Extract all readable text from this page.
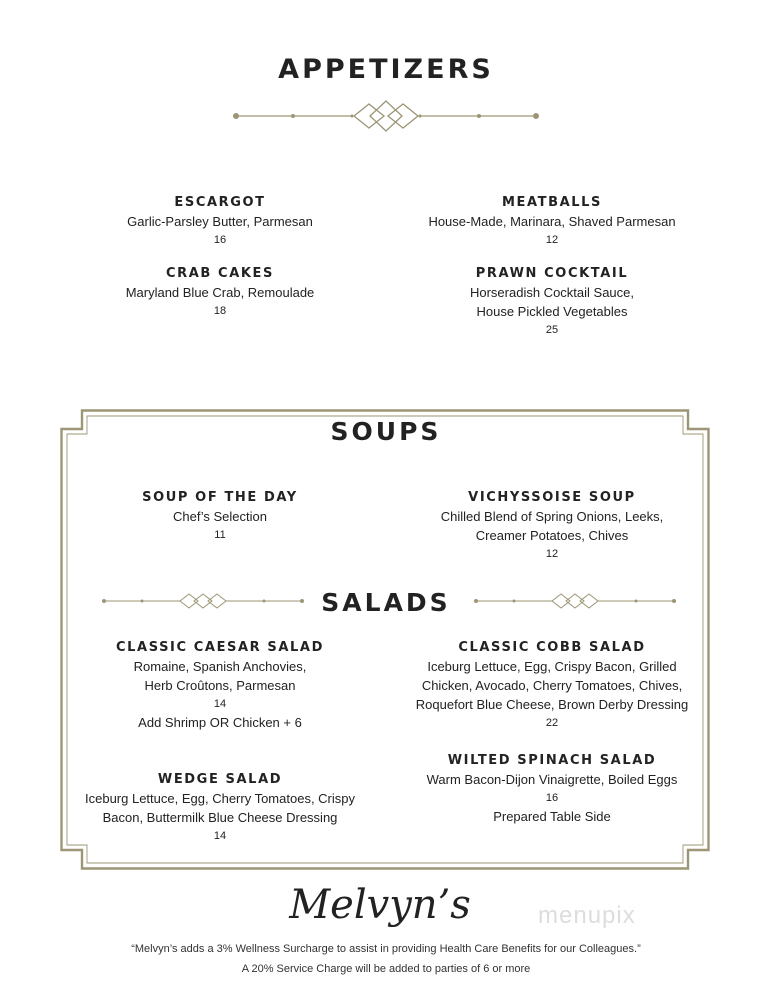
APPETIZERS
ESCARGOT
Garlic-Parsley Butter, Parmesan
16
MEATBALLS
House-Made, Marinara, Shaved Parmesan
12
CRAB CAKES
Maryland Blue Crab, Remoulade
18
PRAWN COCKTAIL
Horseradish Cocktail Sauce,
House Pickled Vegetables
25
SOUPS
SOUP OF THE DAY
Chef’s Selection
11
VICHYSSOISE SOUP
Chilled Blend of Spring Onions, Leeks,
Creamer Potatoes, Chives
12
SALADS
CLASSIC CAESAR SALAD
Romaine, Spanish Anchovies,
Herb Croûtons, Parmesan
14
Add Shrimp OR Chicken + 6
CLASSIC COBB SALAD
Iceburg Lettuce, Egg, Crispy Bacon, Grilled
Chicken, Avocado, Cherry Tomatoes, Chives,
Roquefort Blue Cheese, Brown Derby Dressing
22
WILTED SPINACH SALAD
Warm Bacon-Dijon Vinaigrette, Boiled Eggs
16
Prepared Table Side
WEDGE SALAD
Iceburg Lettuce, Egg, Cherry Tomatoes, Crispy
Bacon, Buttermilk Blue Cheese Dressing
14
Melvyn’s	menupix
“Melvyn’s adds a 3% Wellness Surcharge to assist in providing Health Care Benefits for our Colleagues.”
A 20% Service Charge will be added to parties of 6 or more
